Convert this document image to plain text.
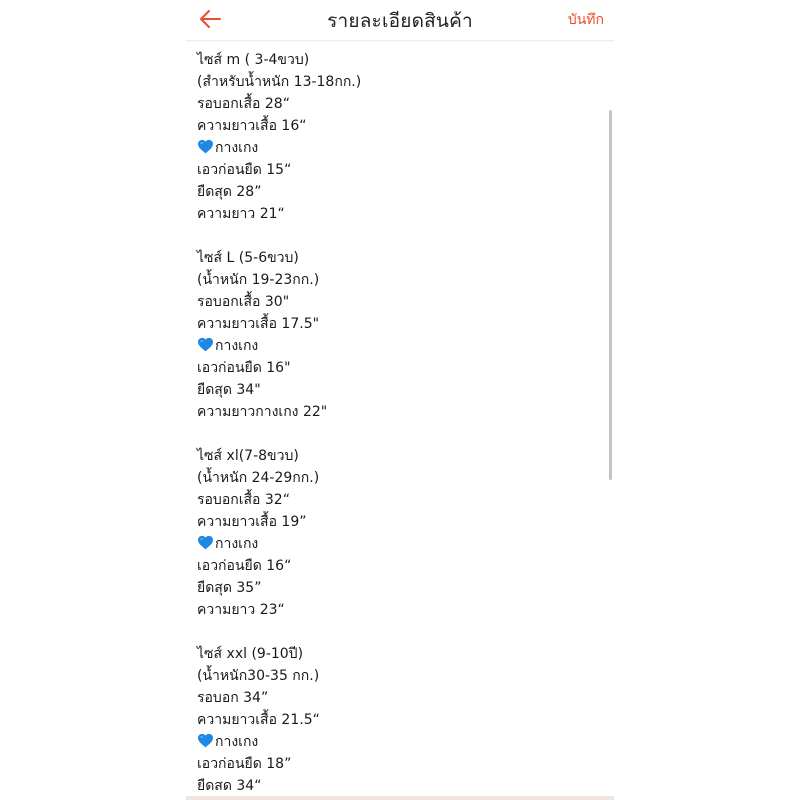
รายละเอียดสินค้า	บันทึก
ไซส์ m ( 3-4ขวบ)
(สำหรับน้ำหนัก 13-18กก.)
รอบอกเสื้อ 28“
ความยาวเสื้อ 16“
กางเกง
เอวก่อนยืด 15“
ยืดสุด 28”
ความยาว 21“
ไซส์ L (5-6ขวบ)
(น้ำหนัก 19-23กก.)
รอบอกเสื้อ 30"
ความยาวเสื้อ 17.5"
กางเกง
เอวก่อนยืด 16"
ยืดสุด 34"
ความยาวกางเกง 22"
ไซส์ xl(7-8ขวบ)
(น้ำหนัก 24-29กก.)
รอบอกเสื้อ 32“
ความยาวเสื้อ 19”
กางเกง
เอวก่อนยืด 16“
ยืดสุด 35”
ความยาว 23“
ไซส์ xxl (9-10ปี)
(น้ำหนัก30-35 กก.)
รอบอก 34”
ความยาวเสื้อ 21.5“
กางเกง
เอวก่อนยืด 18”
ยืดสด 34“
